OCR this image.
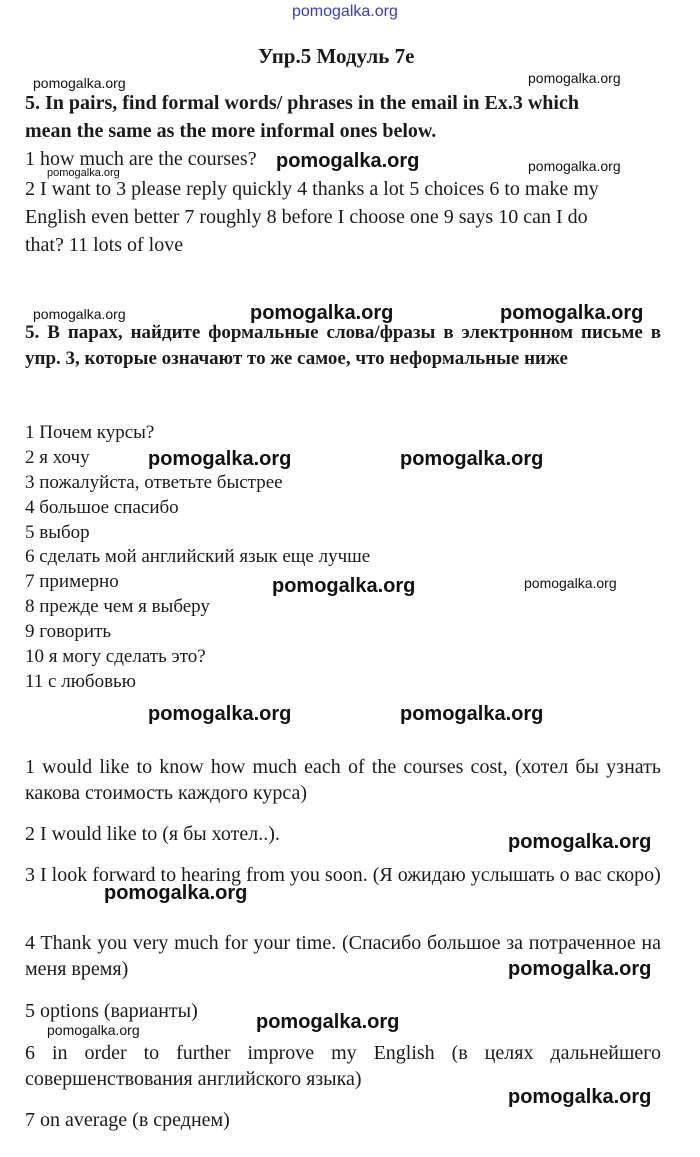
pomogalka.org
Упр.5 Модуль 7е
pomogalka.org	pomogalka.org
5. In pairs, find formal words/ phrases in the email in Ex.3 which
mean the same as the more informal ones below.
1 how much are the courses?
pomogalka.org
pomogalka.org	pomogalka.org
2 I want to 3 please reply quickly 4 thanks a lot 5 choices 6 to make my
English even better 7 roughly 8 before I choose one 9 says 10 can I do
that? 11 lots of love
pomogalka.org	pomogalka.org	pomogalka.org
5. В парах, найдите формальные слова/фразы в электронном письме в упр. 3, которые означают то же самое, что неформальные ниже
1 Почем курсы?
2 я хочу	pomogalka.org	pomogalka.org
3 пожалуйста, ответьте быстрее
4 большое спасибо
5 выбор
6 сделать мой английский язык еще лучше
7 примерно	pomogalka.org	pomogalka.org
8 прежде чем я выберу
9 говорить
10 я могу сделать это?
11 с любовью
pomogalka.org	pomogalka.org
1 would like to know how much each of the courses cost, (хотел бы узнать какова стоимость каждого курса)
2 I would like to (я бы хотел..).	pomogalka.org
3 I look forward to hearing from you soon. (Я ожидаю услышать о вас скоро)
pomogalka.org
4 Thank you very much for your time. (Спасибо большое за потраченное на меня время)	pomogalka.org
5 options (варианты)	pomogalka.org
pomogalka.org
6 in order to further improve my English (в целях дальнейшего совершенствования английского языка)
pomogalka.org
7 on average (в среднем)
